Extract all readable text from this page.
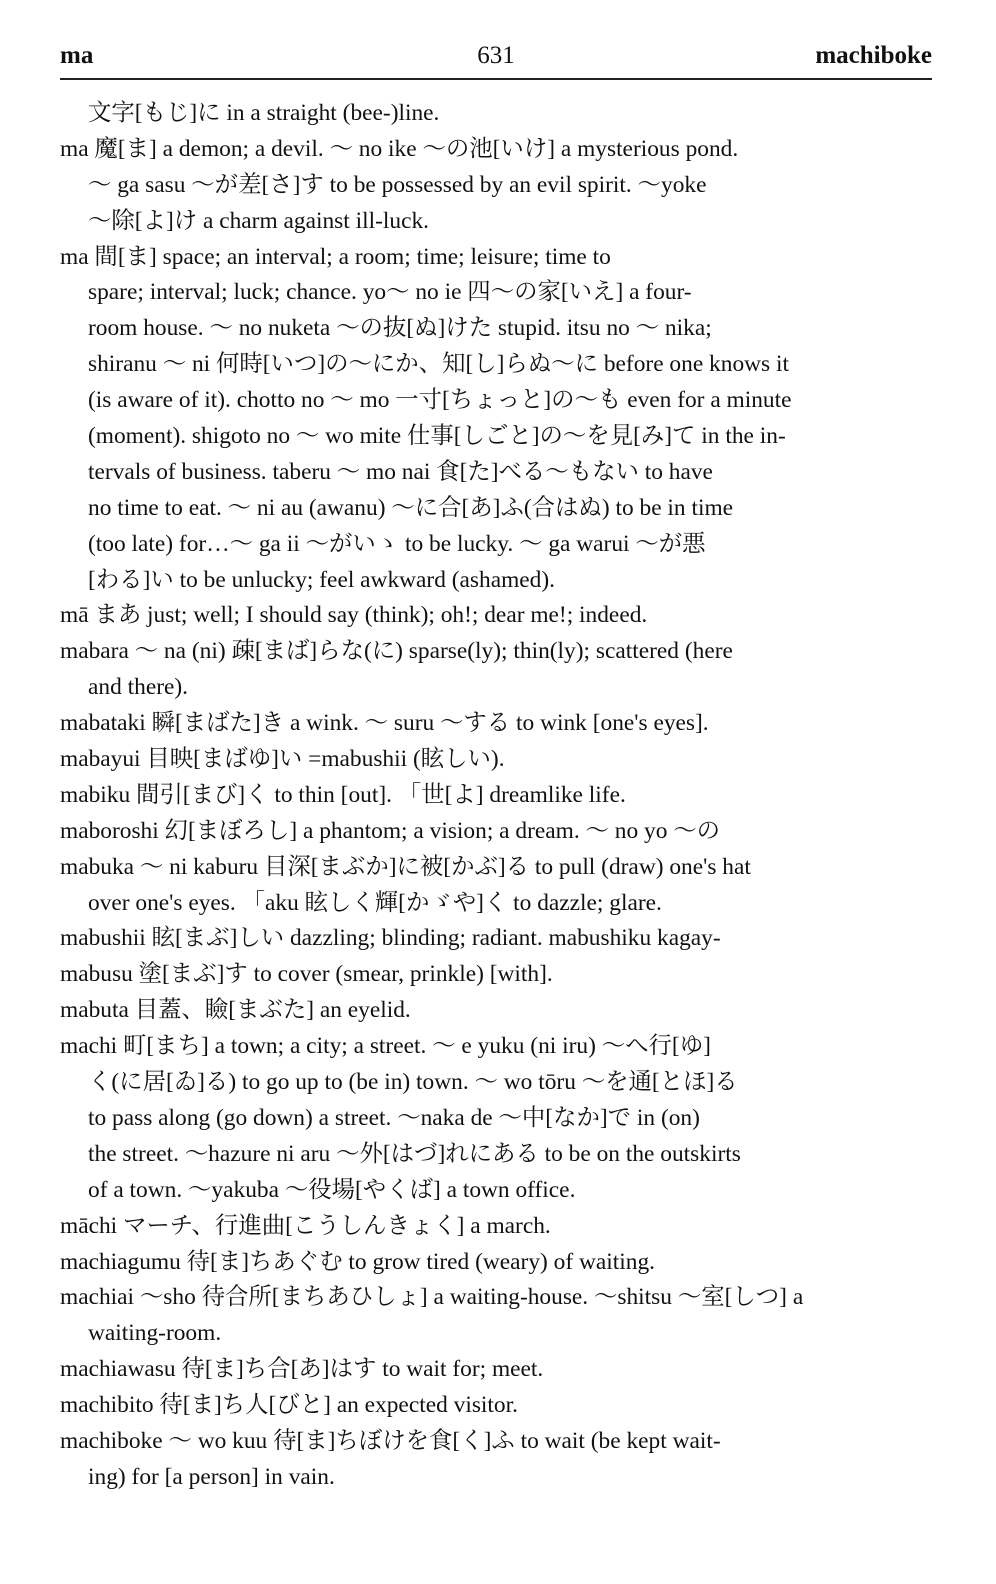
ma	631	machiboke
文字[もじ]に in a straight (bee-)line.
ma 魔[ま] a demon; a devil. ～ no ike ～の池[いけ] a mysterious pond.
～ ga sasu ～が差[さ]す to be possessed by an evil spirit. ～yoke
～除[よ]け a charm against ill-luck.
ma 間[ま] space; an interval; a room; time; leisure; time to
spare; interval; luck; chance. yo～ no ie 四～の家[いえ] a four-
room house. ～ no nuketa ～の抜[ぬ]けた stupid. itsu no ～ nika;
shiranu ～ ni 何時[いつ]の～にか、知[し]らぬ～に before one knows it
(is aware of it). chotto no ～ mo 一寸[ちょっと]の～も even for a minute
(moment). shigoto no ～ wo mite 仕事[しごと]の～を見[み]て in the in-
tervals of business. taberu ～ mo nai 食[た]べる～もない to have
no time to eat. ～ ni au (awanu) ～に合[あ]ふ(合はぬ) to be in time
(too late) for…～ ga ii ～がいゝ to be lucky. ～ ga warui ～が悪
[わる]い to be unlucky; feel awkward (ashamed).
mā まあ just; well; I should say (think); oh!; dear me!; indeed.
mabara ～ na (ni) 疎[まば]らな(に) sparse(ly); thin(ly); scattered (here
and there).
mabataki 瞬[まばた]き a wink. ～ suru ～する to wink [one's eyes].
mabayui 目映[まばゆ]い =mabushii (眩しい).
mabiku 間引[まび]く to thin [out]. 「世[よ] dreamlike life.
maboroshi 幻[まぼろし] a phantom; a vision; a dream. ～ no yo ～の
mabuka ～ ni kaburu 目深[まぶか]に被[かぶ]る to pull (draw) one's hat
over one's eyes. 「aku 眩しく輝[かゞや]く to dazzle; glare.
mabushii 眩[まぶ]しい dazzling; blinding; radiant. mabushiku kagay-
mabusu 塗[まぶ]す to cover (smear, prinkle) [with].
mabuta 目蓋、瞼[まぶた] an eyelid.
machi 町[まち] a town; a city; a street. ～ e yuku (ni iru) ～へ行[ゆ]
く(に居[ゐ]る) to go up to (be in) town. ～ wo tōru ～を通[とほ]る
to pass along (go down) a street. ～naka de ～中[なか]で in (on)
the street. ～hazure ni aru ～外[はづ]れにある to be on the outskirts
of a town. ～yakuba ～役場[やくば] a town office.
māchi マーチ、行進曲[こうしんきょく] a march.
machiagumu 待[ま]ちあぐむ to grow tired (weary) of waiting.
machiai ～sho 待合所[まちあひしょ] a waiting-house. ～shitsu ～室[しつ] a
waiting-room.
machiawasu 待[ま]ち合[あ]はす to wait for; meet.
machibito 待[ま]ち人[びと] an expected visitor.
machiboke ～ wo kuu 待[ま]ちぼけを食[く]ふ to wait (be kept wait-
ing) for [a person] in vain.
